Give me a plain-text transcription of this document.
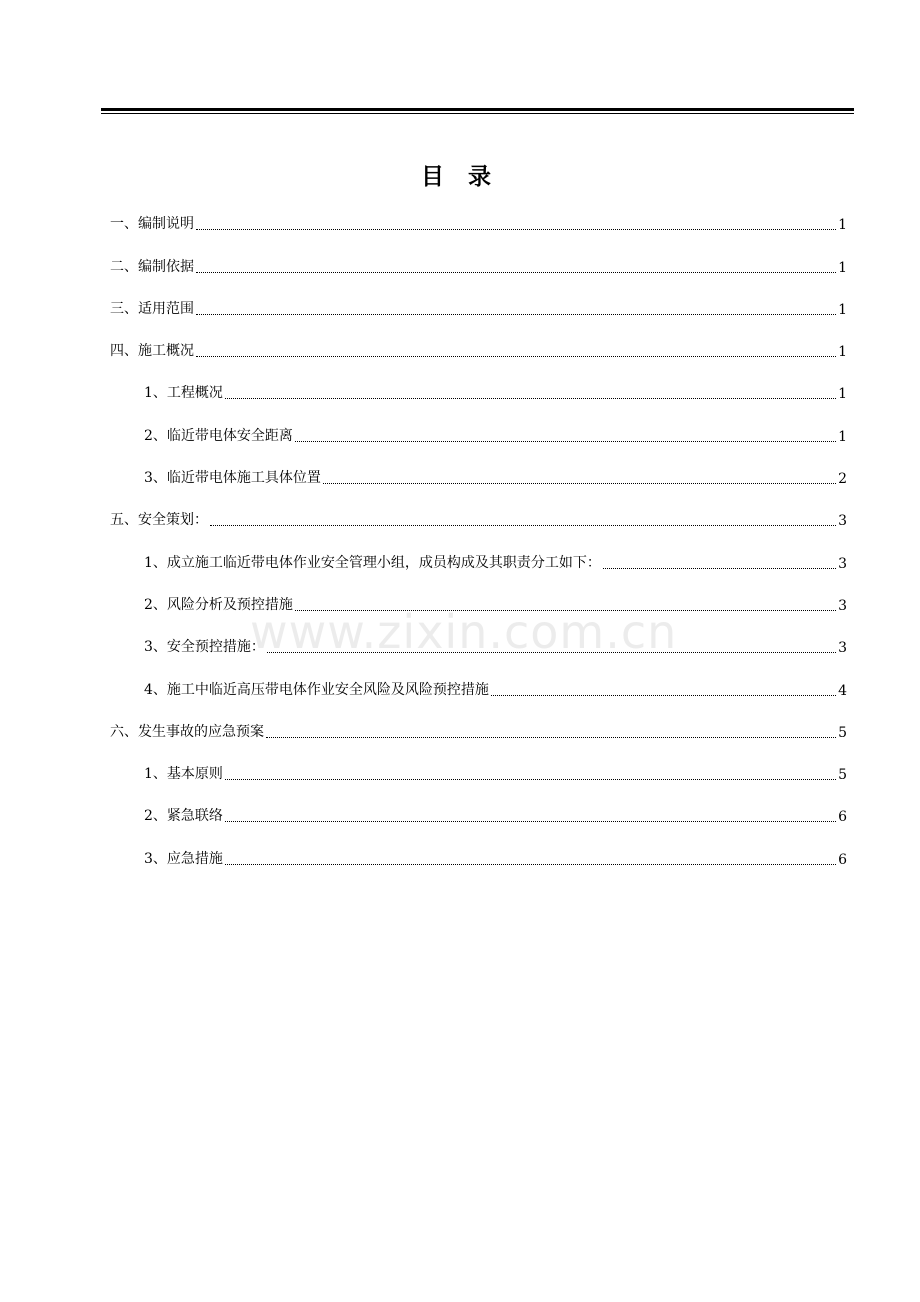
目 录
一、编制说明	1
二、编制依据	1
三、适用范围	1
四、施工概况	1
1、工程概况	1
2、临近带电体安全距离	1
3、临近带电体施工具体位置	2
五、安全策划：	3
1、成立施工临近带电体作业安全管理小组，成员构成及其职责分工如下：	3
2、风险分析及预控措施	3
3、安全预控措施：	3
4、施工中临近高压带电体作业安全风险及风险预控措施	4
六、发生事故的应急预案	5
1、基本原则	5
2、紧急联络	6
3、应急措施	6
www.zixin.com.cn
